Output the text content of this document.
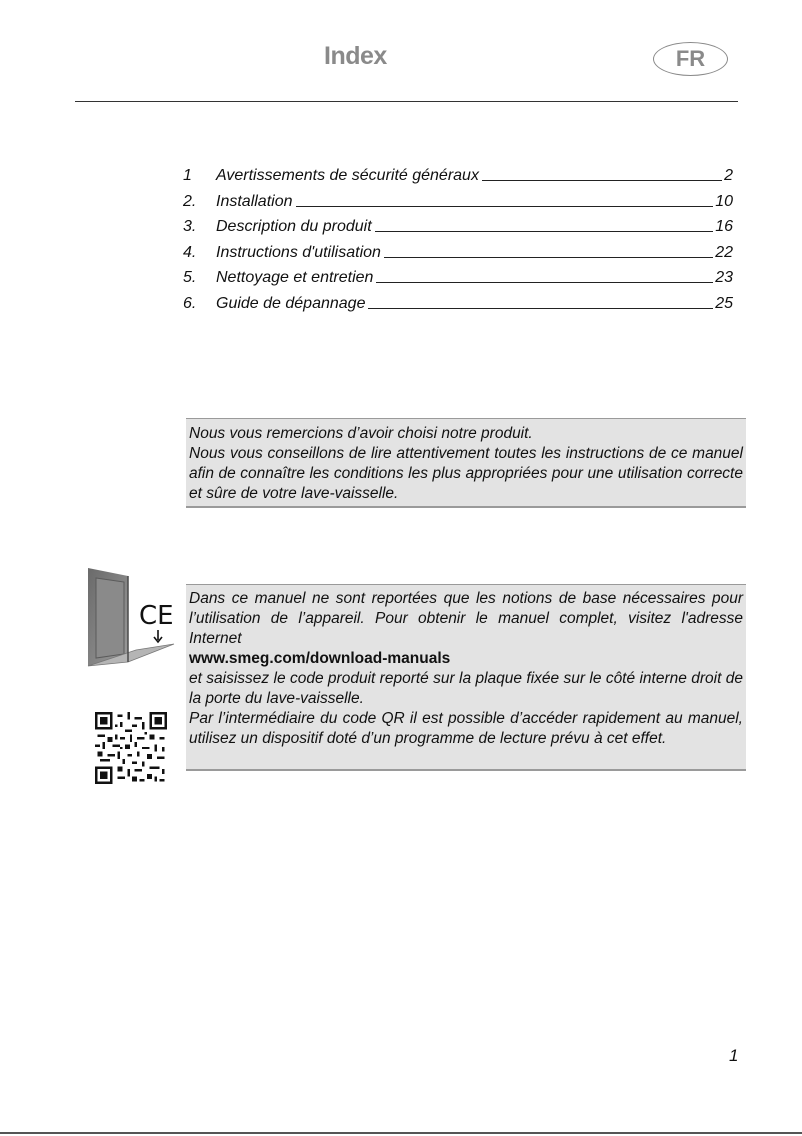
Index	FR
1	Avertissements de sécurité généraux	2
2.	Installation	10
3.	Description du produit	16
4.	Instructions d'utilisation	22
5.	Nettoyage et entretien	23
6.	Guide de dépannage	25

Nous vous remercions d’avoir choisi notre produit.

Nous vous conseillons de lire attentivement toutes les instructions de ce manuel afin de connaître les conditions les plus appropriées pour une utilisation correcte et sûre de votre lave-vaisselle.

CE

Dans ce manuel ne sont reportées que les notions de base nécessaires pour l’utilisation de l’appareil. Pour obtenir le manuel complet, visitez l'adresse Internet

www.smeg.com/download-manuals

et saisissez le code produit reporté sur la plaque fixée sur le côté interne droit de la porte du lave-vaisselle.

Par l’intermédiaire du code QR il est possible d’accéder rapidement au manuel, utilisez un dispositif doté d’un programme de lecture prévu à cet effet.

1
